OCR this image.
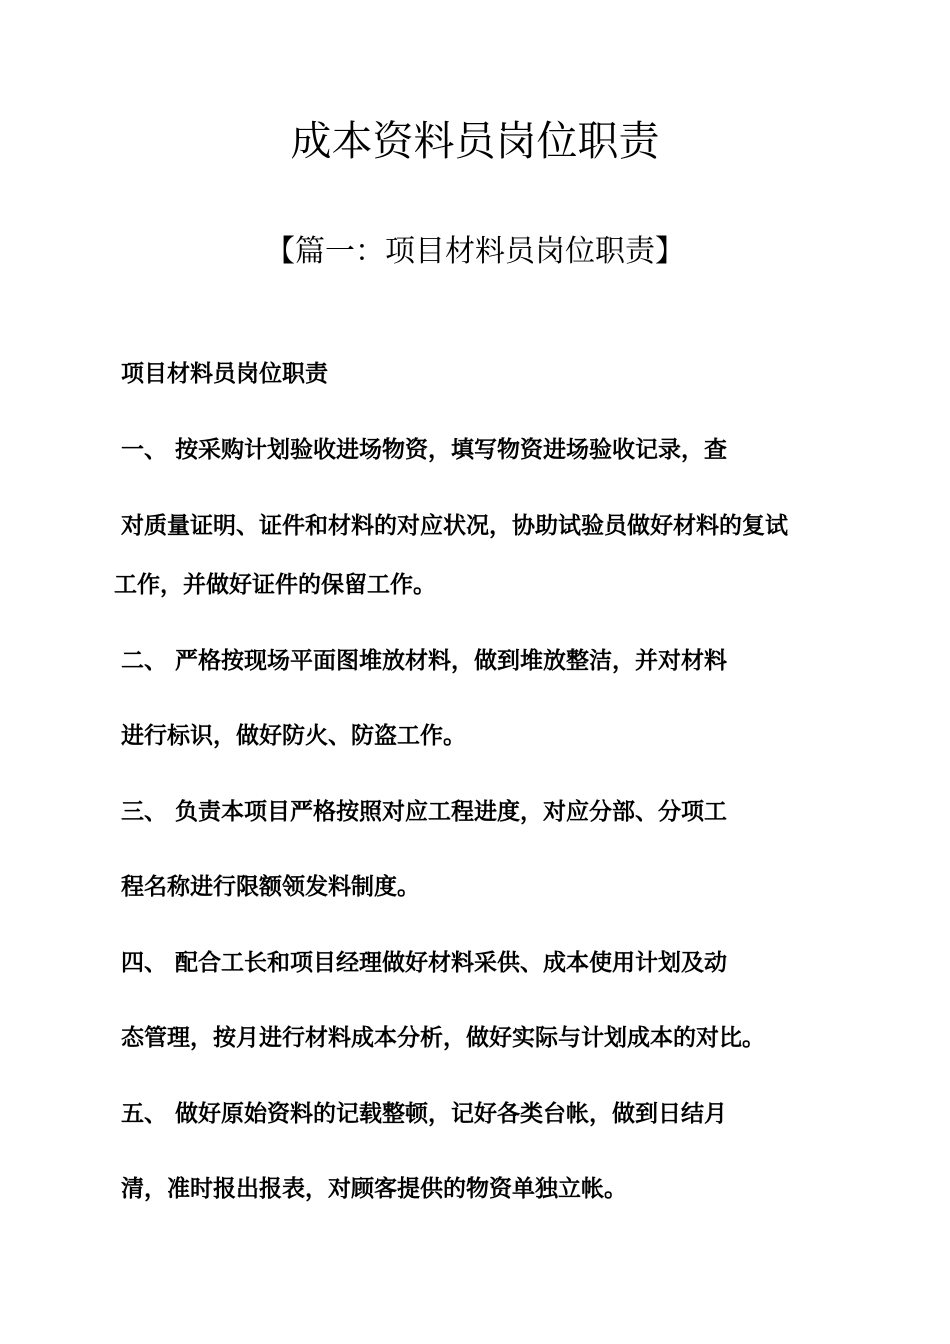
成本资料员岗位职责
【篇一：项目材料员岗位职责】

项目材料员岗位职责

一、 按采购计划验收进场物资，填写物资进场验收记录，查

对质量证明、证件和材料的对应状况，协助试验员做好材料的复试

工作，并做好证件的保留工作。

二、 严格按现场平面图堆放材料，做到堆放整洁，并对材料

进行标识，做好防火、防盗工作。

三、 负责本项目严格按照对应工程进度，对应分部、分项工

程名称进行限额领发料制度。

四、 配合工长和项目经理做好材料采供、成本使用计划及动

态管理，按月进行材料成本分析，做好实际与计划成本的对比。

五、 做好原始资料的记载整顿，记好各类台帐，做到日结月

清，准时报出报表，对顾客提供的物资单独立帐。
